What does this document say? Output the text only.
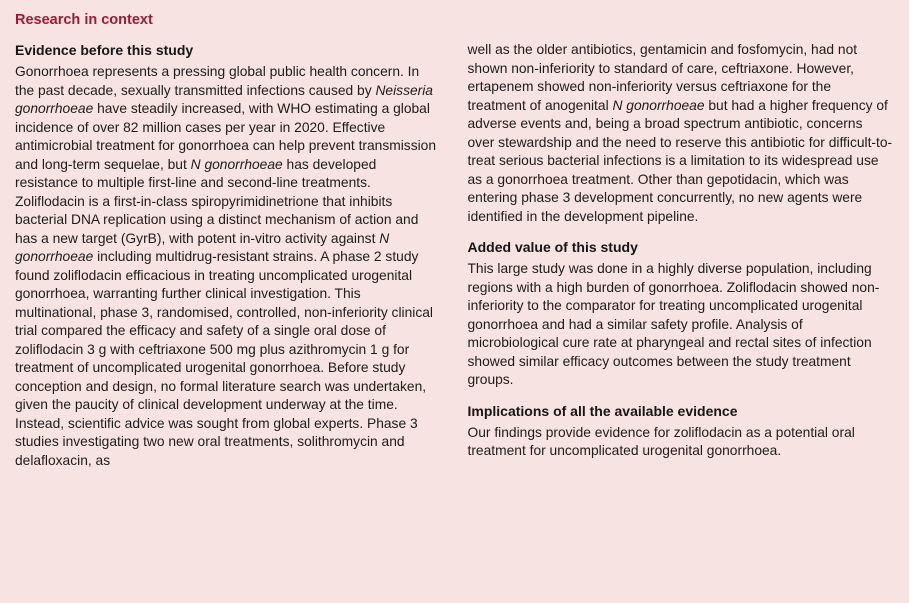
Research in context
Evidence before this study

Gonorrhoea represents a pressing global public health concern. In the past decade, sexually transmitted infections caused by Neisseria gonorrhoeae have steadily increased, with WHO estimating a global incidence of over 82 million cases per year in 2020. Effective antimicrobial treatment for gonorrhoea can help prevent transmission and long-term sequelae, but N gonorrhoeae has developed resistance to multiple first-line and second-line treatments. Zoliflodacin is a first-in-class spiropyrimidinetrione that inhibits bacterial DNA replication using a distinct mechanism of action and has a new target (GyrB), with potent in-vitro activity against N gonorrhoeae including multidrug-resistant strains. A phase 2 study found zoliflodacin efficacious in treating uncomplicated urogenital gonorrhoea, warranting further clinical investigation. This multinational, phase 3, randomised, controlled, non-inferiority clinical trial compared the efficacy and safety of a single oral dose of zoliflodacin 3 g with ceftriaxone 500 mg plus azithromycin 1 g for treatment of uncomplicated urogenital gonorrhoea. Before study conception and design, no formal literature search was undertaken, given the paucity of clinical development underway at the time. Instead, scientific advice was sought from global experts. Phase 3 studies investigating two new oral treatments, solithromycin and delafloxacin, as

well as the older antibiotics, gentamicin and fosfomycin, had not shown non-inferiority to standard of care, ceftriaxone. However, ertapenem showed non-inferiority versus ceftriaxone for the treatment of anogenital N gonorrhoeae but had a higher frequency of adverse events and, being a broad spectrum antibiotic, concerns over stewardship and the need to reserve this antibiotic for difficult-to-treat serious bacterial infections is a limitation to its widespread use as a gonorrhoea treatment. Other than gepotidacin, which was entering phase 3 development concurrently, no new agents were identified in the development pipeline.

Added value of this study

This large study was done in a highly diverse population, including regions with a high burden of gonorrhoea. Zoliflodacin showed non-inferiority to the comparator for treating uncomplicated urogenital gonorrhoea and had a similar safety profile. Analysis of microbiological cure rate at pharyngeal and rectal sites of infection showed similar efficacy outcomes between the study treatment groups.

Implications of all the available evidence

Our findings provide evidence for zoliflodacin as a potential oral treatment for uncomplicated urogenital gonorrhoea.
